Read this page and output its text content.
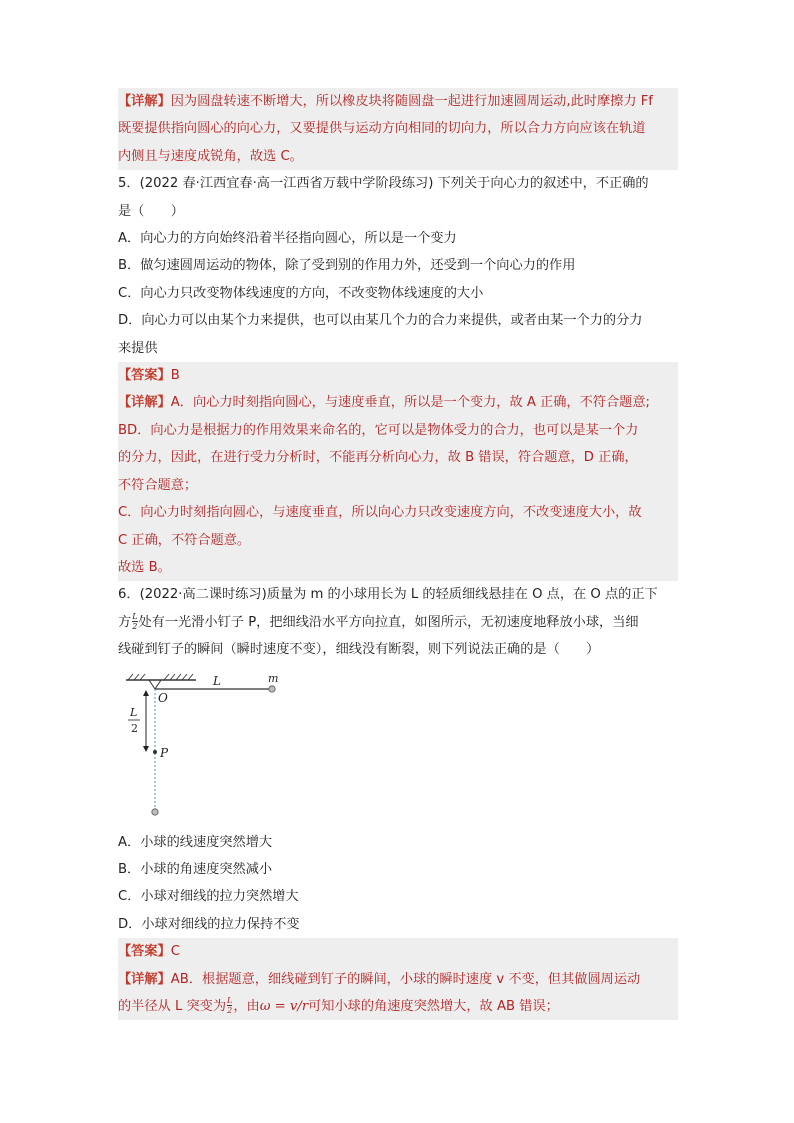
【详解】因为圆盘转速不断增大，所以橡皮块将随圆盘一起进行加速圆周运动,此时摩擦力 Ff
既要提供指向圆心的向心力，又要提供与运动方向相同的切向力，所以合力方向应该在轨道
内侧且与速度成锐角，故选 C。
5．(2022 春·江西宜春·高一江西省万载中学阶段练习) 下列关于向心力的叙述中，不正确的
是（　　）
A．向心力的方向始终沿着半径指向圆心，所以是一个变力
B．做匀速圆周运动的物体，除了受到别的作用力外，还受到一个向心力的作用
C．向心力只改变物体线速度的方向，不改变物体线速度的大小
D．向心力可以由某个力来提供，也可以由某几个力的合力来提供，或者由某一个力的分力
来提供
【答案】B
【详解】A．向心力时刻指向圆心，与速度垂直，所以是一个变力，故 A 正确，不符合题意;
BD．向心力是根据力的作用效果来命名的，它可以是物体受力的合力，也可以是某一个力
的分力，因此，在进行受力分析时，不能再分析向心力，故 B 错误，符合题意，D 正确，
不符合题意；
C．向心力时刻指向圆心，与速度垂直，所以向心力只改变速度方向，不改变速度大小，故
C 正确，不符合题意。
故选 B。
6．(2022·高二课时练习)质量为 m 的小球用长为 L 的轻质细线悬挂在 O 点，在 O 点的正下
方 $\frac{L}{2}$ 处有一光滑小钉子 P，把细线沿水平方向拉直，如图所示，无初速度地释放小球，当细
线碰到钉子的瞬间（瞬时速度不变），细线没有断裂，则下列说法正确的是（　　）
L	m
O
L
2
P
A．小球的线速度突然增大
B．小球的角速度突然减小
C．小球对细线的拉力突然增大
D．小球对细线的拉力保持不变
【答案】C
【详解】AB．根据题意，细线碰到钉子的瞬间，小球的瞬时速度 v 不变，但其做圆周运动
的半径从 L 突变为 $\frac{L}{2}$ ，由ω = v/r可知小球的角速度突然增大，故 AB 错误；
